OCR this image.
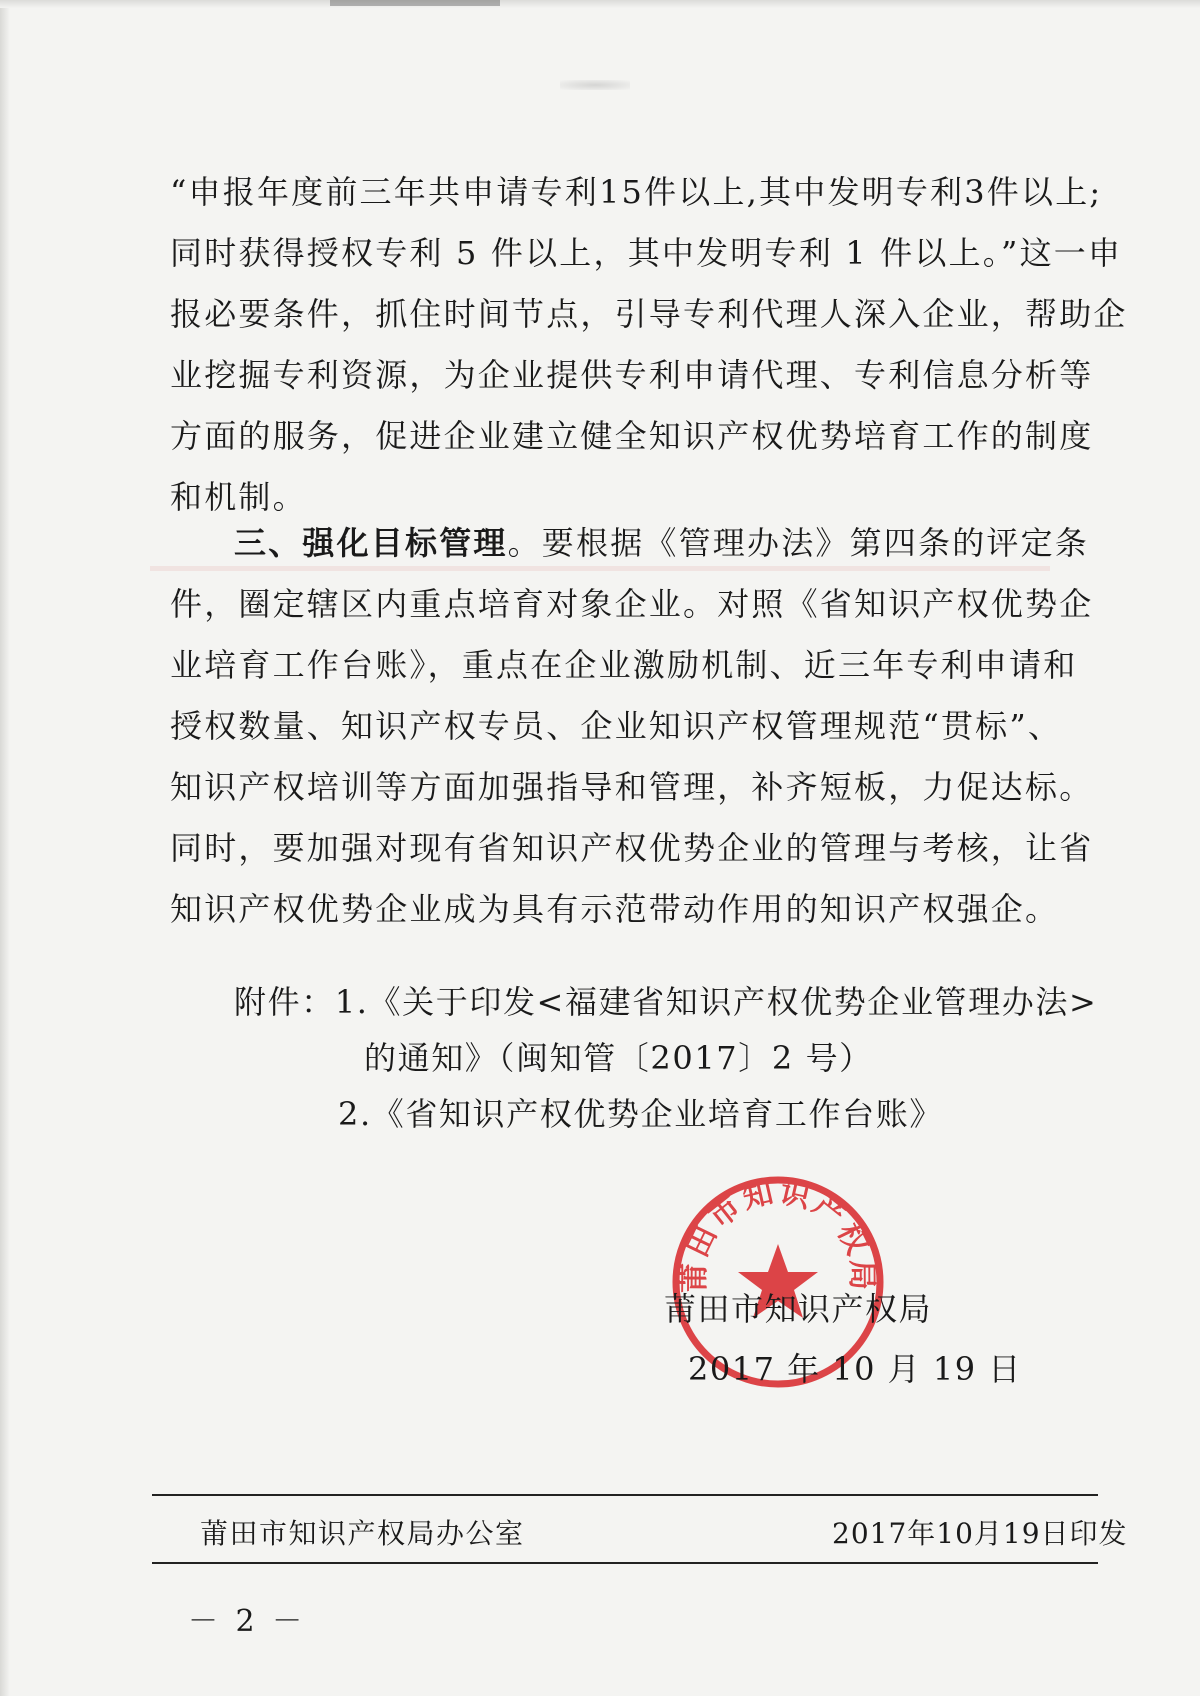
“申报年度前三年共申请专利15件以上,其中发明专利3件以上;
同时获得授权专利 5 件以上，其中发明专利 1 件以上。”这一申
报必要条件，抓住时间节点，引导专利代理人深入企业，帮助企
业挖掘专利资源，为企业提供专利申请代理、专利信息分析等
方面的服务，促进企业建立健全知识产权优势培育工作的制度
和机制。
三、强化目标管理。要根据《管理办法》第四条的评定条
件，圈定辖区内重点培育对象企业。对照《省知识产权优势企
业培育工作台账》，重点在企业激励机制、近三年专利申请和
授权数量、知识产权专员、企业知识产权管理规范“贯标”、
知识产权培训等方面加强指导和管理，补齐短板，力促达标。
同时，要加强对现有省知识产权优势企业的管理与考核，让省
知识产权优势企业成为具有示范带动作用的知识产权强企。
附件：1.《关于印发<福建省知识产权优势企业管理办法>
的通知》（闽知管〔2017〕2 号）
2.《省知识产权优势企业培育工作台账》
莆田市知识产权局
莆田市知识产权局
2017 年 10 月 19 日
莆田市知识产权局办公室	2017年10月19日印发
－ 2 －
